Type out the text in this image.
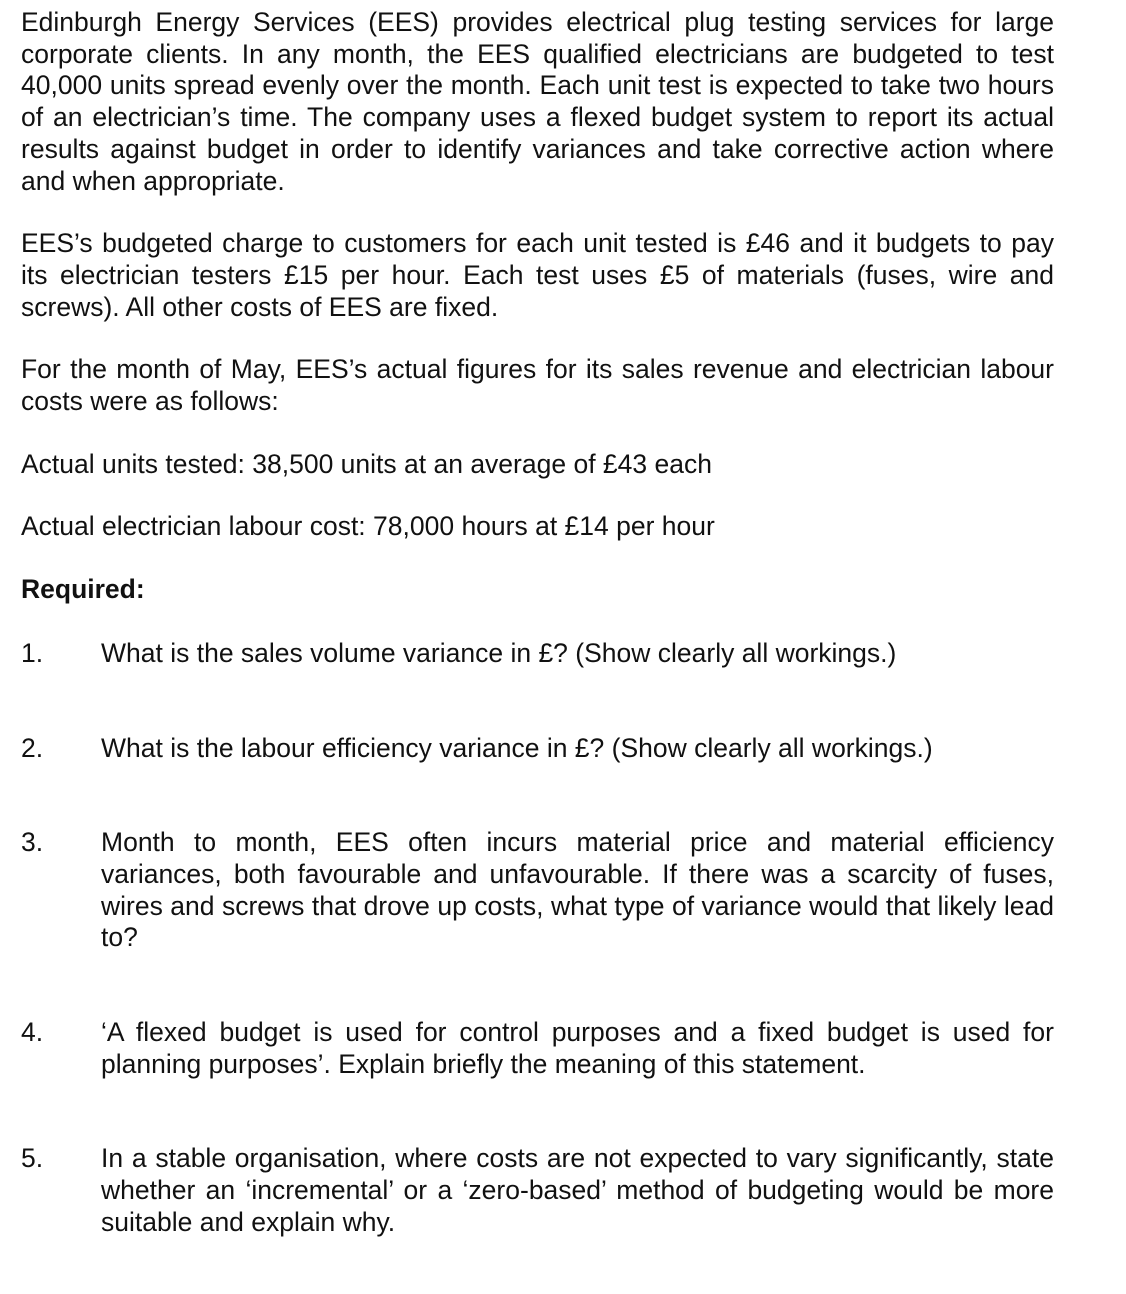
Edinburgh Energy Services (EES) provides electrical plug testing services for large corporate clients. In any month, the EES qualified electricians are budgeted to test 40,000 units spread evenly over the month. Each unit test is expected to take two hours of an electrician’s time. The company uses a flexed budget system to report its actual results against budget in order to identify variances and take corrective action where and when appropriate.

EES’s budgeted charge to customers for each unit tested is £46 and it budgets to pay its electrician testers £15 per hour. Each test uses £5 of materials (fuses, wire and screws). All other costs of EES are fixed.

For the month of May, EES’s actual figures for its sales revenue and electrician labour costs were as follows:

Actual units tested: 38,500 units at an average of £43 each

Actual electrician labour cost: 78,000 hours at £14 per hour

Required:

1.	What is the sales volume variance in £? (Show clearly all workings.)
2.	What is the labour efficiency variance in £? (Show clearly all workings.)
3.	Month to month, EES often incurs material price and material efficiency variances, both favourable and unfavourable. If there was a scarcity of fuses, wires and screws that drove up costs, what type of variance would that likely lead to?
4.	‘A flexed budget is used for control purposes and a fixed budget is used for planning purposes’. Explain briefly the meaning of this statement.
5.	In a stable organisation, where costs are not expected to vary significantly, state whether an ‘incremental’ or a ‘zero-based’ method of budgeting would be more suitable and explain why.
